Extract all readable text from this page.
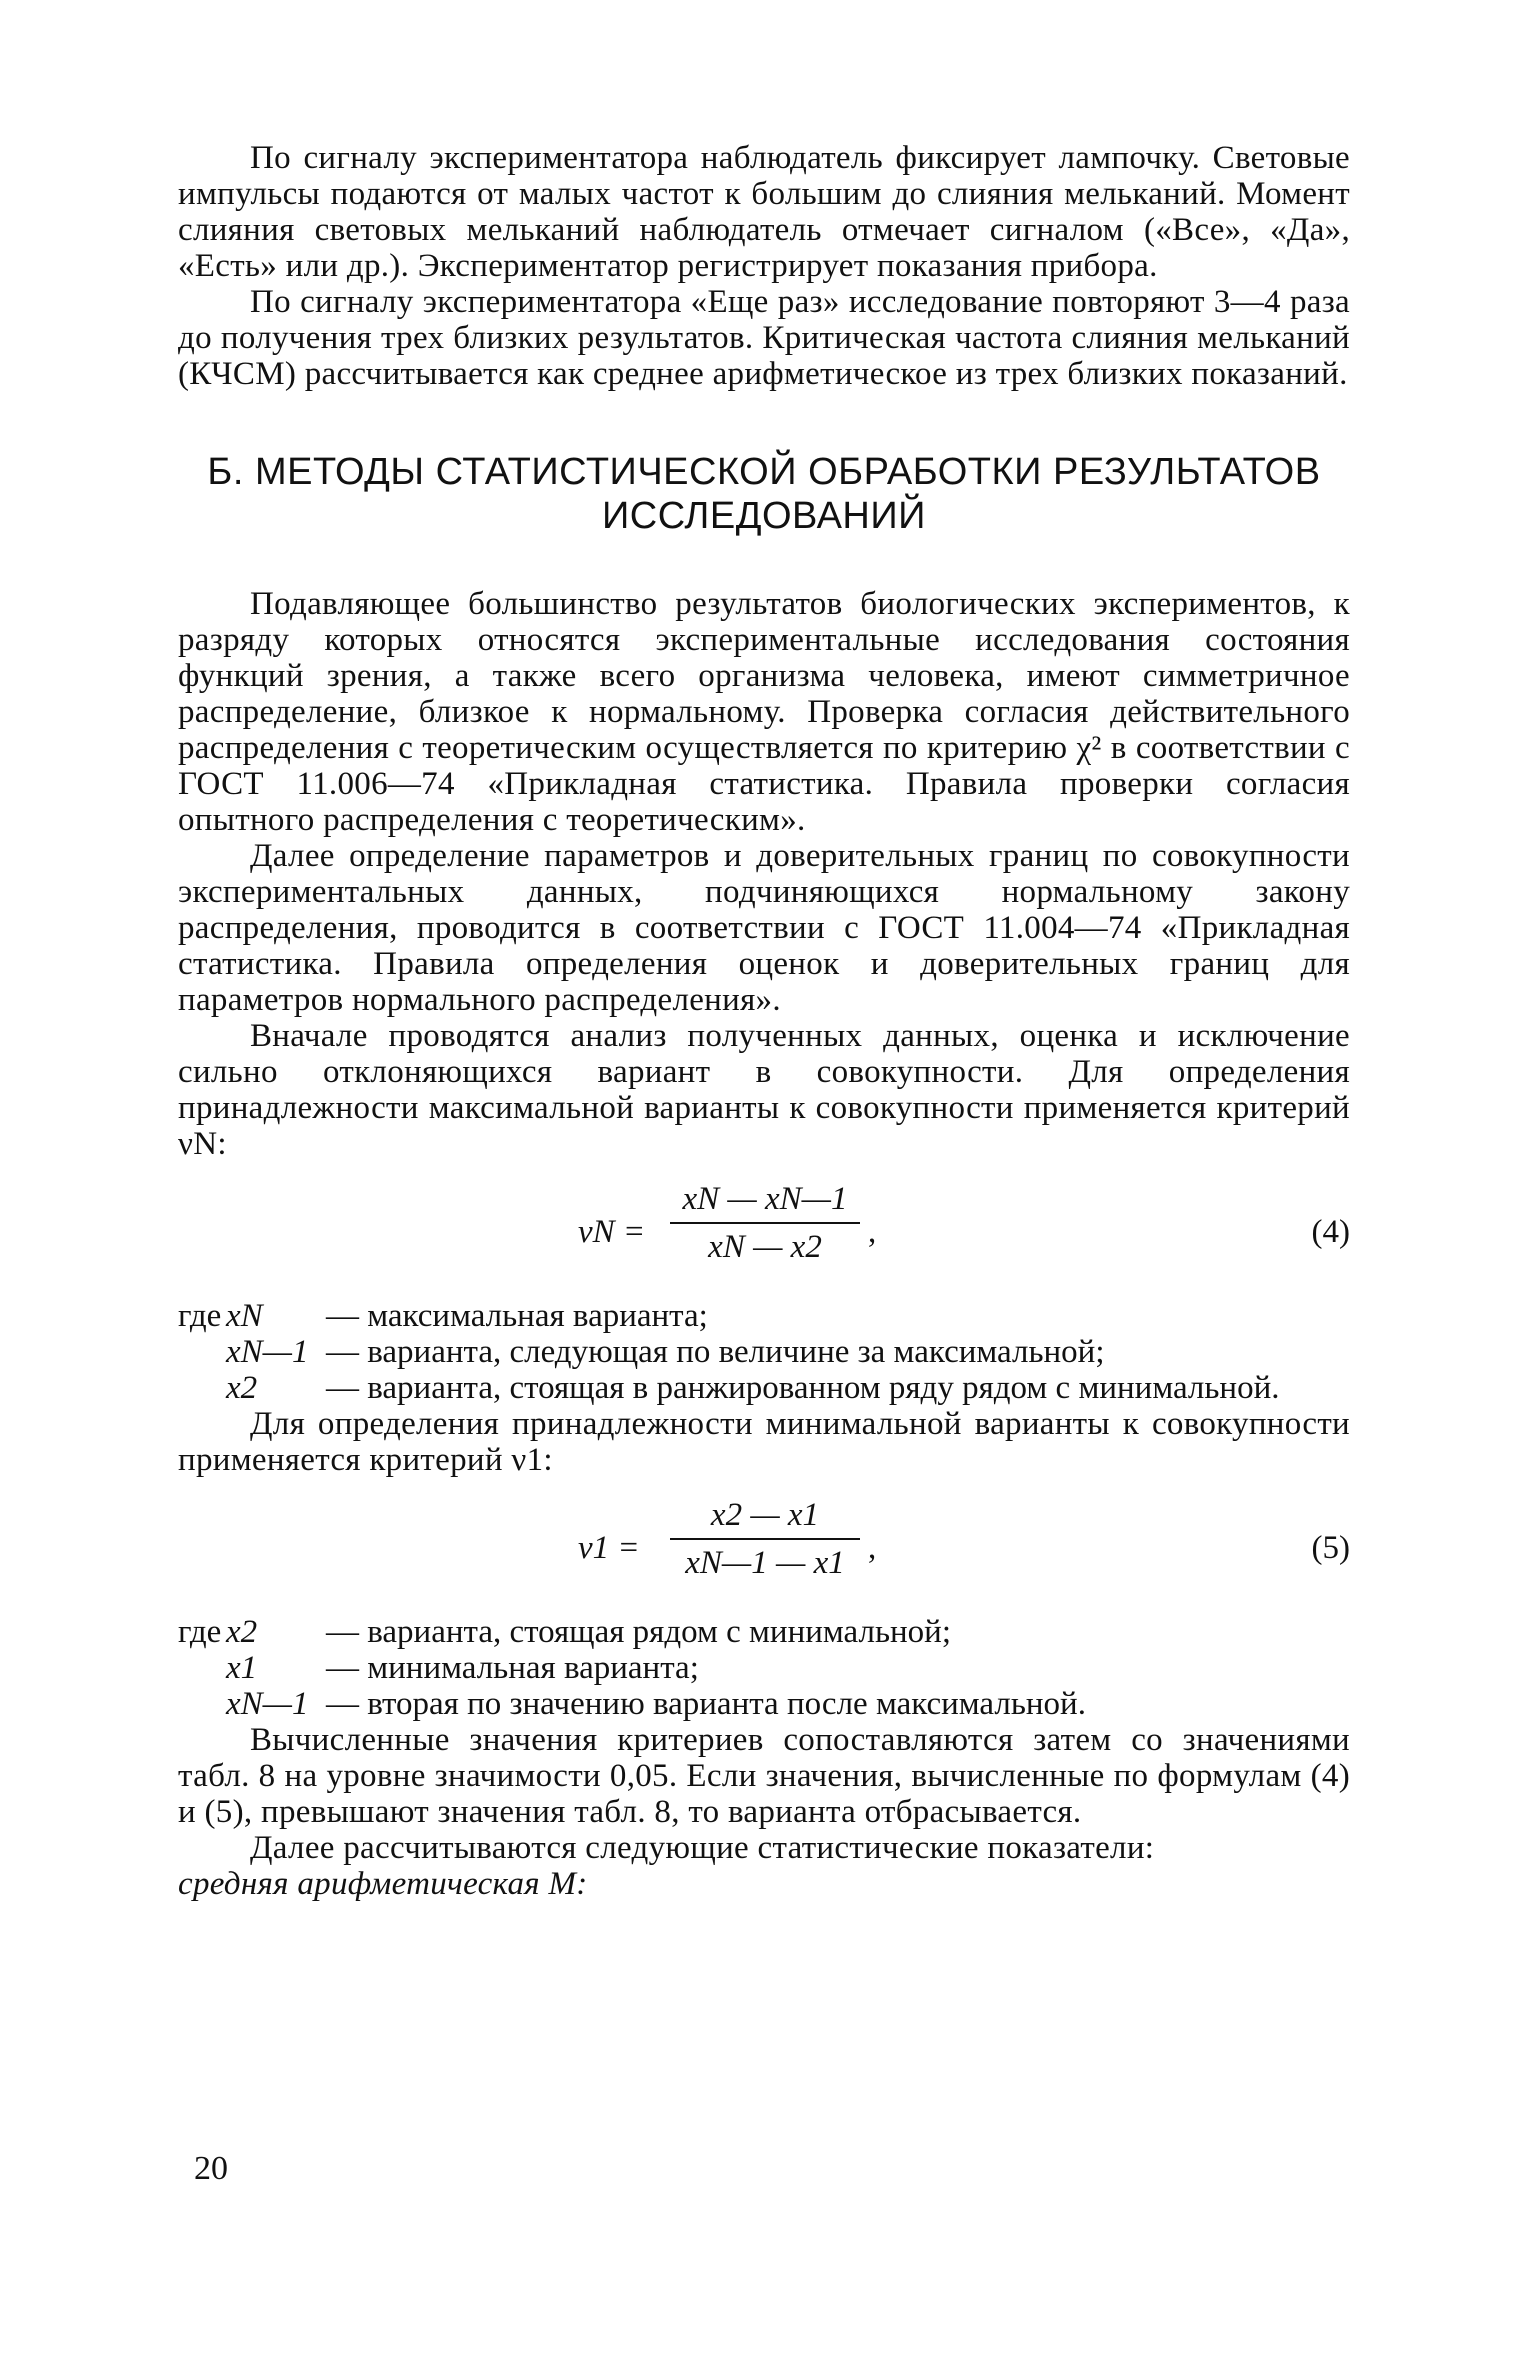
По сигналу экспериментатора наблюдатель фиксирует лампочку. Световые импульсы подаются от малых частот к большим до слияния мельканий. Момент слияния световых мельканий наблюдатель отмечает сигналом («Все», «Да», «Есть» или др.). Экспериментатор регистрирует показания прибора.

По сигналу экспериментатора «Еще раз» исследование повторяют 3—4 раза до получения трех близких результатов. Критическая частота слияния мельканий (КЧСМ) рассчитывается как среднее арифметическое из трех близких показаний.

Б. МЕТОДЫ СТАТИСТИЧЕСКОЙ ОБРАБОТКИ РЕЗУЛЬТАТОВ
ИССЛЕДОВАНИЙ

Подавляющее большинство результатов биологических экспериментов, к разряду которых относятся экспериментальные исследования состояния функций зрения, а также всего организма человека, имеют симметричное распределение, близкое к нормальному. Проверка согласия действительного распределения с теоретическим осуществляется по критерию χ² в соответствии с ГОСТ 11.006—74 «Прикладная статистика. Правила проверки согласия опытного распределения с теоретическим».

Далее определение параметров и доверительных границ по совокупности экспериментальных данных, подчиняющихся нормальному закону распределения, проводится в соответствии с ГОСТ 11.004—74 «Прикладная статистика. Правила определения оценок и доверительных границ для параметров нормального распределения».

Вначале проводятся анализ полученных данных, оценка и исключение сильно отклоняющихся вариант в совокупности. Для определения принадлежности максимальной варианты к совокупности применяется критерий νN:

νN =
xN — xN—1
xN — x2	,	(4)
где xN	— максимальная варианта;
xN—1 — варианта, следующая по величине за максимальной;
x2	— варианта, стоящая в ранжированном ряду рядом с минимальной.

Для определения принадлежности минимальной варианты к совокупности применяется критерий ν1:

ν1 =
x2 — x1
xN—1 — x1 ,	(5)
где x2	— варианта, стоящая рядом с минимальной;
x1	— минимальная варианта;
xN—1 — вторая по значению варианта после максимальной.

Вычисленные значения критериев сопоставляются затем со значениями табл. 8 на уровне значимости 0,05. Если значения, вычисленные по формулам (4) и (5), превышают значения табл. 8, то варианта отбрасывается.

Далее рассчитываются следующие статистические показатели:

средняя арифметическая M:

20
